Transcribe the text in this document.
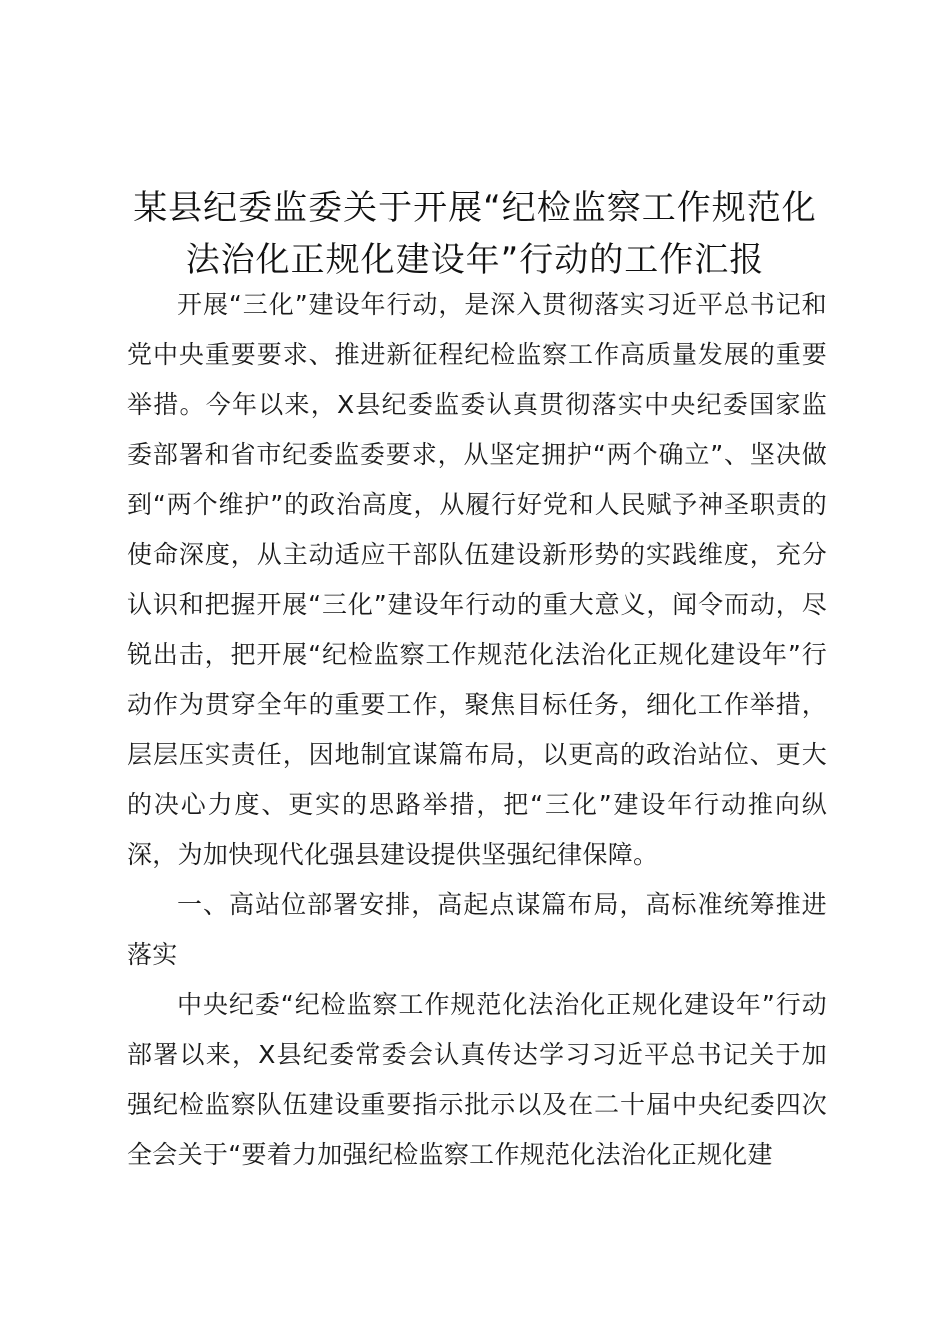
某县纪委监委关于开展“纪检监察工作规范化
法治化正规化建设年”行动的工作汇报

开展“三化”建设年行动，是深入贯彻落实习近平总书记和党中央重要要求、推进新征程纪检监察工作高质量发展的重要举措。今年以来，X县纪委监委认真贯彻落实中央纪委国家监委部署和省市纪委监委要求，从坚定拥护“两个确立”、坚决做到“两个维护”的政治高度，从履行好党和人民赋予神圣职责的使命深度，从主动适应干部队伍建设新形势的实践维度，充分认识和把握开展“三化”建设年行动的重大意义，闻令而动，尽锐出击，把开展“纪检监察工作规范化法治化正规化建设年”行动作为贯穿全年的重要工作，聚焦目标任务，细化工作举措，层层压实责任，因地制宜谋篇布局，以更高的政治站位、更大的决心力度、更实的思路举措，把“三化”建设年行动推向纵深，为加快现代化强县建设提供坚强纪律保障。

一、高站位部署安排，高起点谋篇布局，高标准统筹推进落实

中央纪委“纪检监察工作规范化法治化正规化建设年”行动部署以来，X县纪委常委会认真传达学习习近平总书记关于加强纪检监察队伍建设重要指示批示以及在二十届中央纪委四次全会关于“要着力加强纪检监察工作规范化法治化正规化建
